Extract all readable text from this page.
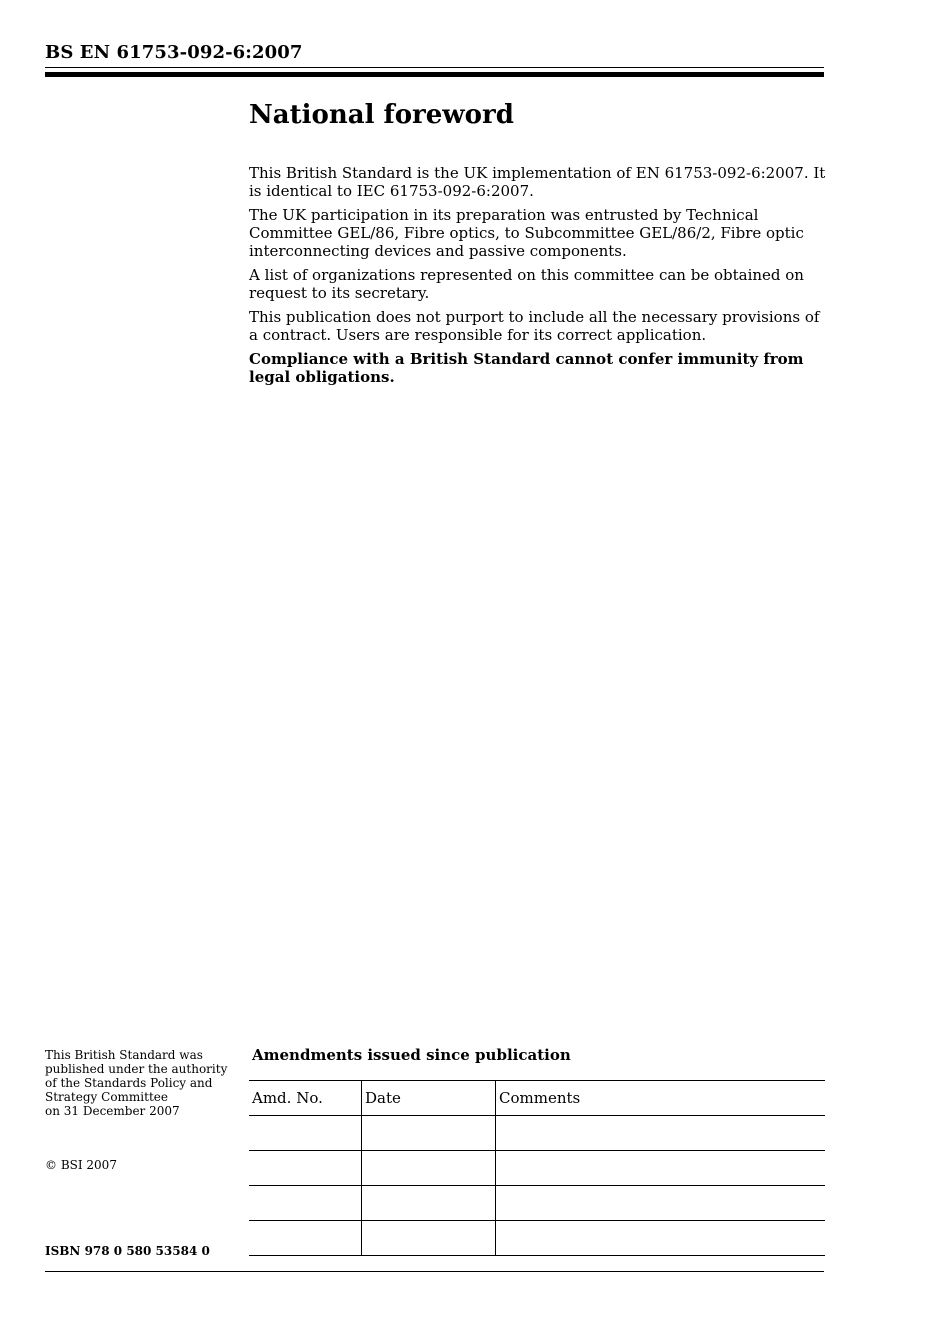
BS EN 61753-092-6:2007
National foreword

This British Standard is the UK implementation of EN 61753-092-6:2007. It is identical to IEC 61753-092-6:2007.

The UK participation in its preparation was entrusted by Technical Committee GEL/86, Fibre optics, to Subcommittee GEL/86/2, Fibre optic interconnecting devices and passive components.

A list of organizations represented on this committee can be obtained on request to its secretary.

This publication does not purport to include all the necessary provisions of a contract. Users are responsible for its correct application.

Compliance with a British Standard cannot confer immunity from legal obligations.

This British Standard was
published under the authority
of the Standards Policy and
Strategy Committee
on 31 December 2007
© BSI 2007
ISBN 978 0 580 53584 0
Amendments issued since publication
Amd. No.	Date	Comments
